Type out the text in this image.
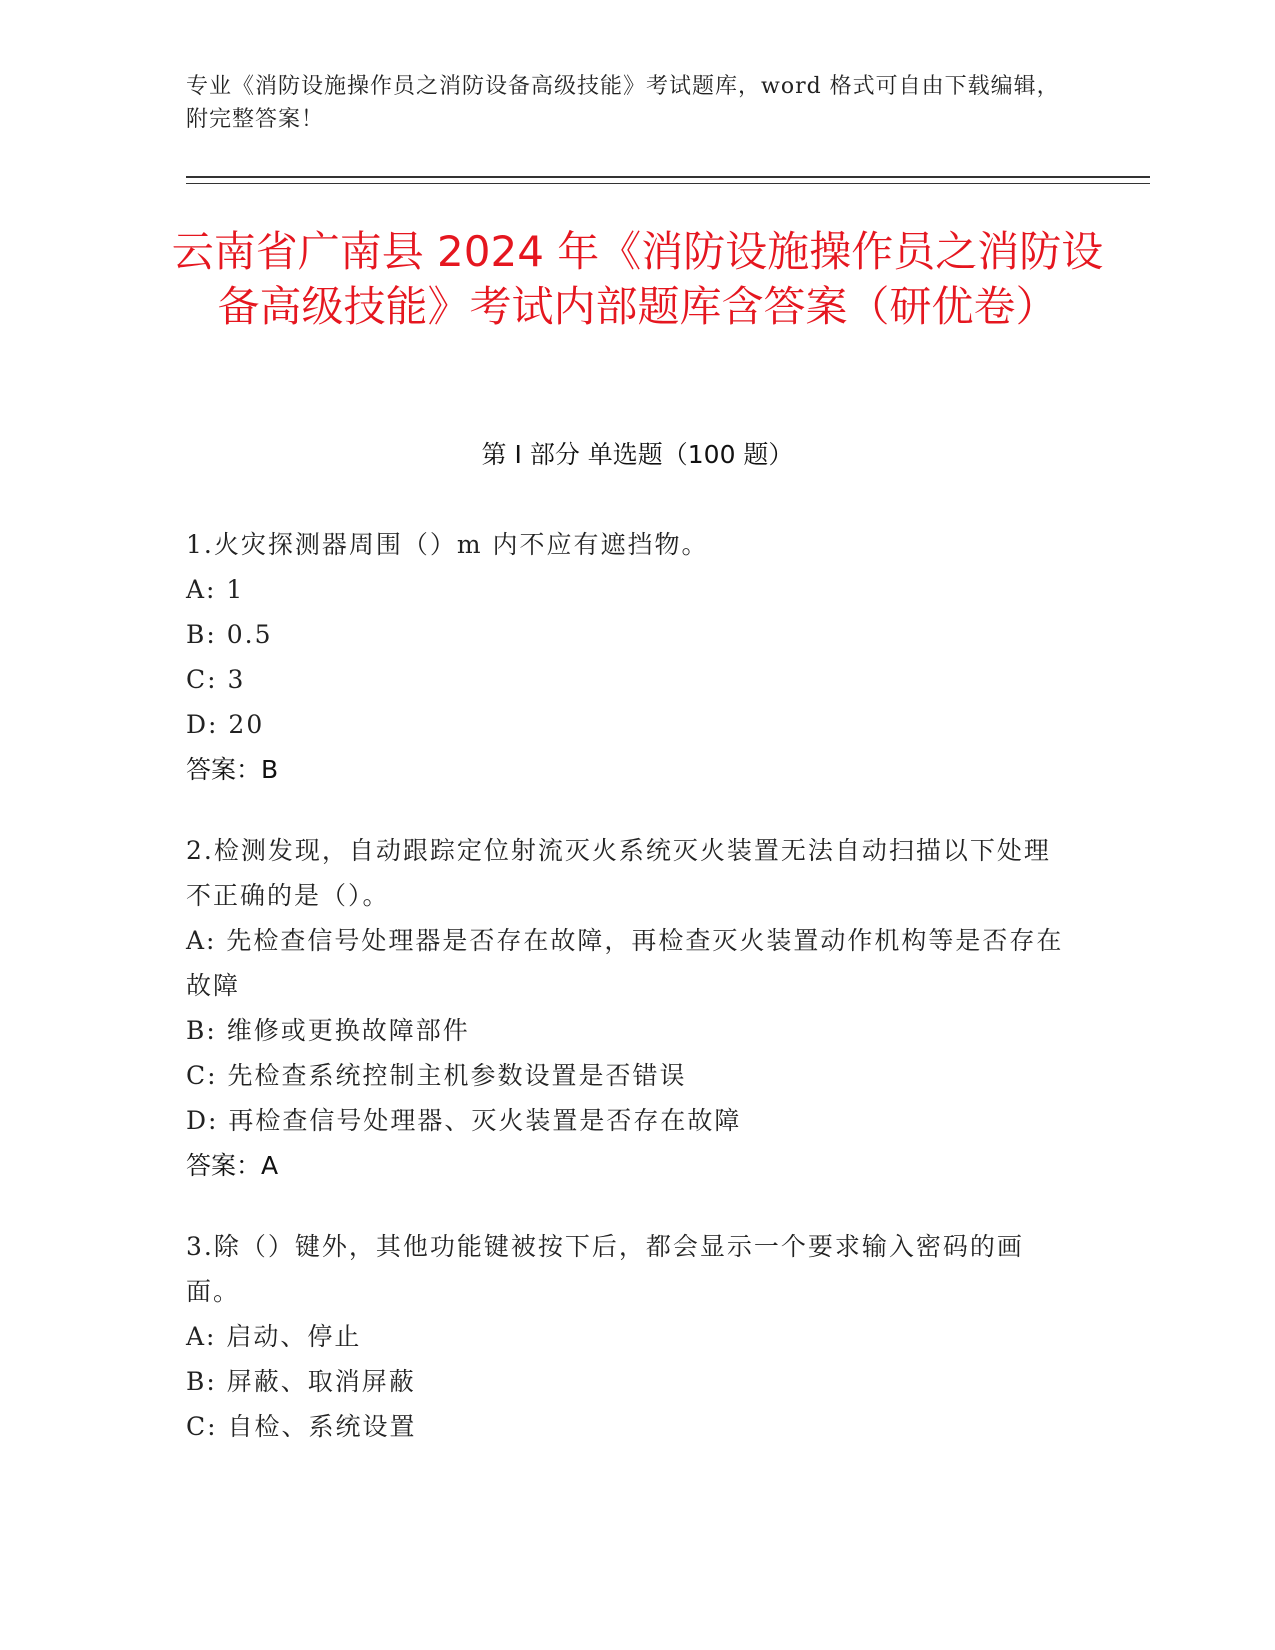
专业《消防设施操作员之消防设备高级技能》考试题库，word 格式可自由下载编辑，附完整答案！
云南省广南县 2024 年《消防设施操作员之消防设备高级技能》考试内部题库含答案（研优卷）
第 I 部分 单选题（100 题）
1.火灾探测器周围（）m 内不应有遮挡物。
A: 1
B: 0.5
C: 3
D: 20
答案：B
2.检测发现，自动跟踪定位射流灭火系统灭火装置无法自动扫描以下处理不正确的是（）。
A: 先检查信号处理器是否存在故障，再检查灭火装置动作机构等是否存在故障
B: 维修或更换故障部件
C: 先检查系统控制主机参数设置是否错误
D: 再检查信号处理器、灭火装置是否存在故障
答案：A
3.除（）键外，其他功能键被按下后，都会显示一个要求输入密码的画面。
A: 启动、停止
B: 屏蔽、取消屏蔽
C: 自检、系统设置
